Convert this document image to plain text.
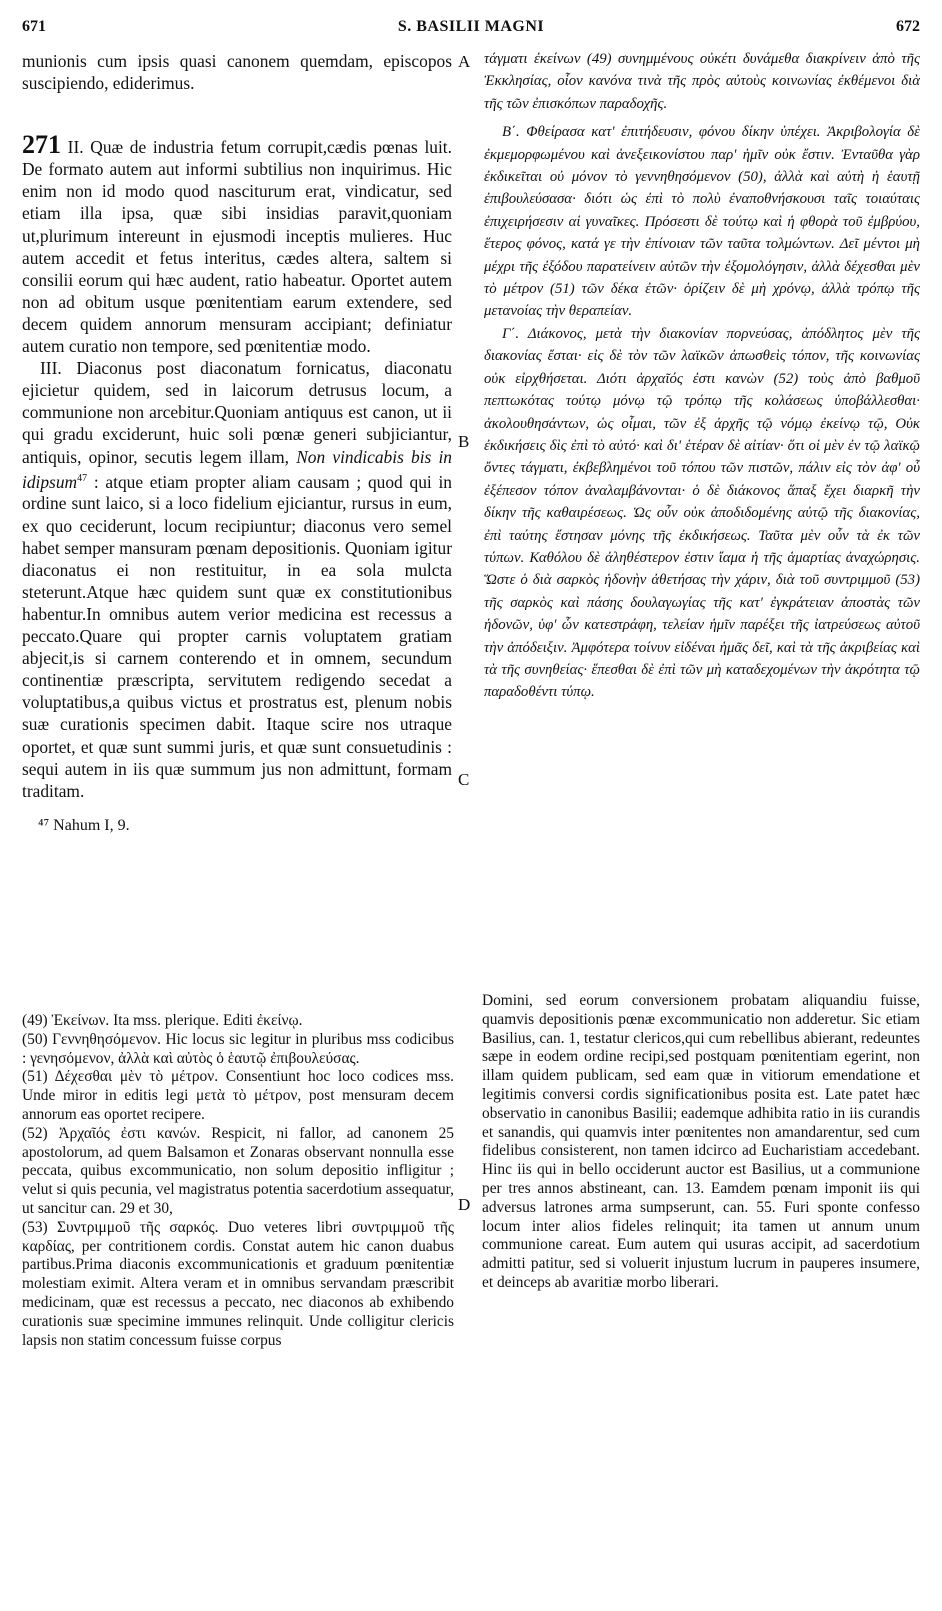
671	S. BASILII MAGNI	672

munionis cum ipsis quasi canonem quemdam, episcopos suscipiendo, ediderimus.

271 II. Quæ de industria fetum corrupit,cædis pœnas luit. De formato autem aut informi subtilius non inquirimus. Hic enim non id modo quod nasciturum erat, vindicatur, sed etiam illa ipsa, quæ sibi insidias paravit,quoniam ut,plurimum intereunt in ejusmodi inceptis mulieres. Huc autem accedit et fetus interitus, cædes altera, saltem si consilii eorum qui hæc audent, ratio habeatur. Oportet autem non ad obitum usque pœnitentiam earum extendere, sed decem quidem annorum mensuram accipiant; definiatur autem curatio non tempore, sed pœnitentiæ modo.

III. Diaconus post diaconatum fornicatus, diaconatu ejicietur quidem, sed in laicorum detrusus locum, a communione non arcebitur.Quoniam antiquus est canon, ut ii qui gradu exciderunt, huic soli pœnæ generi subjiciantur, antiquis, opinor, secutis legem illam, Non vindicabis bis in idipsum$^{47}$ : atque etiam propter aliam causam ; quod qui in ordine sunt laico, si a loco fidelium ejiciantur, rursus in eum, ex quo ceciderunt, locum recipiuntur; diaconus vero semel habet semper mansuram pœnam depositionis. Quoniam igitur diaconatus ei non restituitur, in ea sola mulcta steterunt.Atque hæc quidem sunt quæ ex constitutionibus habentur.In omnibus autem verior medicina est recessus a peccato.Quare qui propter carnis voluptatem gratiam abjecit,is si carnem conterendo et in omnem, secundum continentiæ præscripta, servitutem redigendo secedat a voluptatibus,a quibus victus et prostratus est, plenum nobis suæ curationis specimen dabit. Itaque scire nos utraque oportet, et quæ sunt summi juris, et quæ sunt consuetudinis : sequi autem in iis quæ summum jus non admittunt, formam traditam.

⁴⁷ Nahum I, 9.

τάγματι ἐκείνων (49) συνημμένους οὐκέτι δυνάμεθα διακρίνειν ἀπὸ τῆς Ἐκκλησίας, οἷον κανόνα τινὰ τῆς πρὸς αὐτοὺς κοινωνίας ἐκθέμενοι διὰ τῆς τῶν ἐπισκόπων παραδοχῆς.

Β΄. Φθείρασα κατ' ἐπιτήδευσιν, φόνου δίκην ὑπέχει. Ἀκριβολογία δὲ ἐκμεμορφωμένου καὶ ἀνεξεικονίστου παρ' ἡμῖν οὐκ ἔστιν. Ἐνταῦθα γὰρ ἐκδικεῖται οὐ μόνον τὸ γεννηθησόμενον (50), ἀλλὰ καὶ αὐτὴ ἡ ἑαυτῇ ἐπιβουλεύσασα· διότι ὡς ἐπὶ τὸ πολὺ ἐναποθνήσκουσι ταῖς τοιαύταις ἐπιχειρήσεσιν αἱ γυναῖκες. Πρόσεστι δὲ τούτῳ καὶ ἡ φθορὰ τοῦ ἐμβρύου, ἕτερος φόνος, κατά γε τὴν ἐπίνοιαν τῶν ταῦτα τολμώντων. Δεῖ μέντοι μὴ μέχρι τῆς ἐξόδου παρατείνειν αὐτῶν τὴν ἐξομολόγησιν, ἀλλὰ δέχεσθαι μὲν τὸ μέτρον (51) τῶν δέκα ἐτῶν· ὁρίζειν δὲ μὴ χρόνῳ, ἀλλὰ τρόπῳ τῆς μετανοίας τὴν θεραπείαν.

Γ΄. Διάκονος, μετὰ τὴν διακονίαν πορνεύσας, ἀπόδλητος μὲν τῆς διακονίας ἔσται· εἰς δὲ τὸν τῶν λαϊκῶν ἀπωσθεὶς τόπον, τῆς κοινωνίας οὐκ εἰρχθήσεται. Διότι ἀρχαῖός ἐστι κανὼν (52) τοὺς ἀπὸ βαθμοῦ πεπτωκότας τούτῳ μόνῳ τῷ τρόπῳ τῆς κολάσεως ὑποβάλλεσθαι· ἀκολουθησάντων, ὡς οἶμαι, τῶν ἐξ ἀρχῆς τῷ νόμῳ ἐκείνῳ τῷ, Οὐκ ἐκδικήσεις δὶς ἐπὶ τὸ αὐτό· καὶ δι' ἑτέραν δὲ αἰτίαν· ὅτι οἱ μὲν ἐν τῷ λαϊκῷ ὄντες τάγματι, ἐκβεβλημένοι τοῦ τόπου τῶν πιστῶν, πάλιν εἰς τὸν ἀφ' οὗ ἐξέπεσον τόπον ἀναλαμβάνονται· ὁ δὲ διάκονος ἅπαξ ἔχει διαρκῆ τὴν δίκην τῆς καθαιρέσεως. Ὡς οὖν οὐκ ἀποδιδομένης αὐτῷ τῆς διακονίας, ἐπὶ ταύτης ἔστησαν μόνης τῆς ἐκδικήσεως. Ταῦτα μὲν οὖν τὰ ἐκ τῶν τύπων. Καθόλου δὲ ἀληθέστερον ἐστιν ἴαμα ἡ τῆς ἁμαρτίας ἀναχώρησις. Ὥστε ὁ διὰ σαρκὸς ἡδονὴν ἀθετήσας τὴν χάριν, διὰ τοῦ συντριμμοῦ (53) τῆς σαρκὸς καὶ πάσης δουλαγωγίας τῆς κατ' ἐγκράτειαν ἀποστὰς τῶν ἡδονῶν, ὑφ' ὧν κατεστράφη, τελείαν ἡμῖν παρέξει τῆς ἰατρεύσεως αὐτοῦ τὴν ἀπόδειξιν. Ἀμφότερα τοίνυν εἰδέναι ἡμᾶς δεῖ, καὶ τὰ τῆς ἀκριβείας καὶ τὰ τῆς συνηθείας· ἕπεσθαι δὲ ἐπὶ τῶν μὴ καταδεχομένων τὴν ἀκρότητα τῷ παραδοθέντι τύπῳ.

A
B
C
D

(49) Ἐκείνων. Ita mss. plerique. Editi ἐκείνῳ.

(50) Γεννηθησόμενον. Hic locus sic legitur in pluribus mss codicibus : γενησόμενον, ἀλλὰ καὶ αὐτὸς ὁ ἑαυτῷ ἐπιβουλεύσας.

(51) Δέχεσθαι μὲν τὸ μέτρον. Consentiunt hoc loco codices mss. Unde miror in editis legi μετὰ τὸ μέτρον, post mensuram decem annorum eas oportet recipere.

(52) Ἀρχαῖός ἐστι κανών. Respicit, ni fallor, ad canonem 25 apostolorum, ad quem Balsamon et Zonaras observant nonnulla esse peccata, quibus excommunicatio, non solum depositio infligitur ; velut si quis pecunia, vel magistratus potentia sacerdotium assequatur, ut sancitur can. 29 et 30,

(53) Συντριμμοῦ τῆς σαρκός. Duo veteres libri συντριμμοῦ τῆς καρδίας, per contritionem cordis. Constat autem hic canon duabus partibus.Prima diaconis excommunicationis et graduum pœnitentiæ molestiam eximit. Altera veram et in omnibus servandam præscribit medicinam, quæ est recessus a peccato, nec diaconos ab exhibendo curationis suæ specimine immunes relinquit. Unde colligitur clericis lapsis non statim concessum fuisse corpus

Domini, sed eorum conversionem probatam aliquandiu fuisse, quamvis depositionis pœnæ excommunicatio non adderetur. Sic etiam Basilius, can. 1, testatur clericos,qui cum rebellibus abierant, redeuntes sæpe in eodem ordine recipi,sed postquam pœnitentiam egerint, non illam quidem publicam, sed eam quæ in vitiorum emendatione et legitimis conversi cordis significationibus posita est. Late patet hæc observatio in canonibus Basilii; eademque adhibita ratio in iis curandis et sanandis, qui quamvis inter pœnitentes non amandarentur, sed cum fidelibus consisterent, non tamen idcirco ad Eucharistiam accedebant. Hinc iis qui in bello occiderunt auctor est Basilius, ut a communione per tres annos abstineant, can. 13. Eamdem pœnam imponit iis qui adversus latrones arma sumpserunt, can. 55. Furi sponte confesso locum inter alios fideles relinquit; ita tamen ut annum unum communione careat. Eum autem qui usuras accipit, ad sacerdotium admitti patitur, sed si voluerit injustum lucrum in pauperes insumere, et deinceps ab avaritiæ morbo liberari.
